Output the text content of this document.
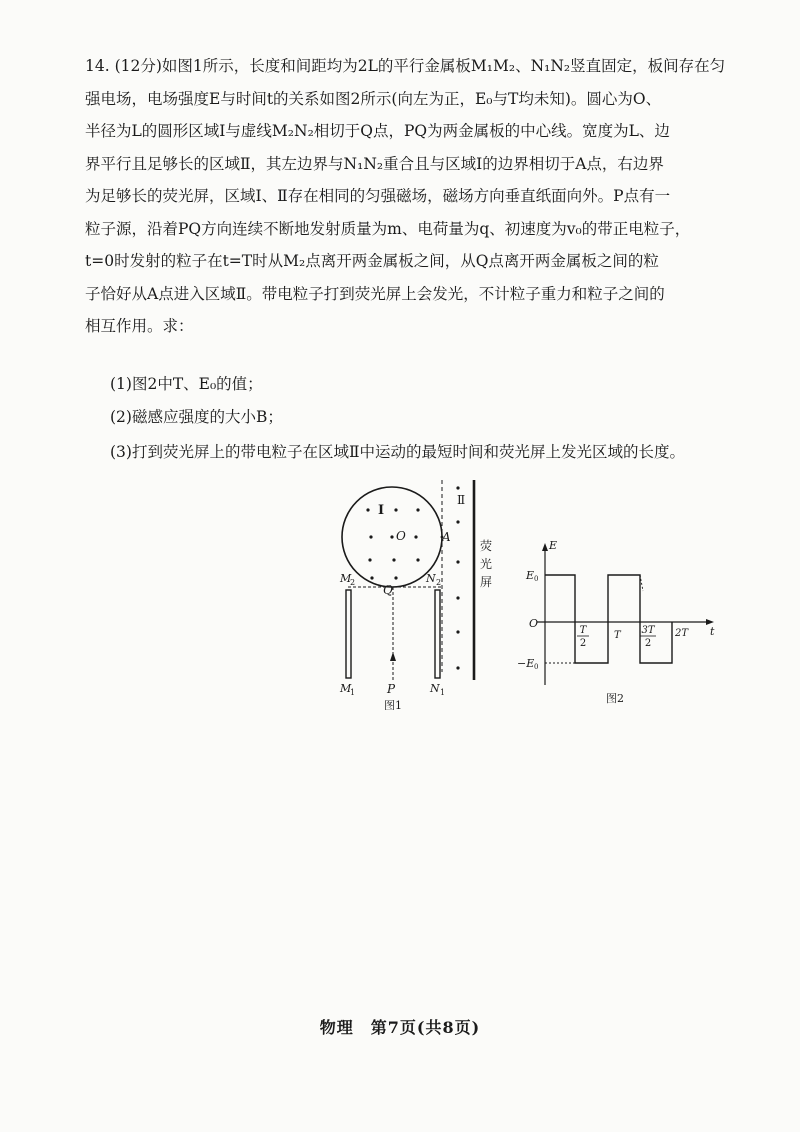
14. (12分)如图1所示，长度和间距均为2L的平行金属板M₁M₂、N₁N₂竖直固定，板间存在匀
强电场，电场强度E与时间t的关系如图2所示(向左为正，E₀与T均未知)。圆心为O、
半径为L的圆形区域Ⅰ与虚线M₂N₂相切于Q点，PQ为两金属板的中心线。宽度为L、边
界平行且足够长的区域Ⅱ，其左边界与N₁N₂重合且与区域Ⅰ的边界相切于A点，右边界
为足够长的荧光屏，区域Ⅰ、Ⅱ存在相同的匀强磁场，磁场方向垂直纸面向外。P点有一
粒子源，沿着PQ方向连续不断地发射质量为m、电荷量为q、初速度为v₀的带正电粒子，
t=0时发射的粒子在t=T时从M₂点离开两金属板之间，从Q点离开两金属板之间的粒
子恰好从A点进入区域Ⅱ。带电粒子打到荧光屏上会发光，不计粒子重力和粒子之间的
相互作用。求：
(1)图2中T、E₀的值；
(2)磁感应强度的大小B；
(3)打到荧光屏上的带电粒子在区域Ⅱ中运动的最短时间和荧光屏上发光区域的长度。
I
Ⅱ
O	A
Q
P
M
2	N 2
M
1	N 1
荧
光
屏
图1
E
t
O
E 0
−E 0
T
2
T 3T
2
2T
图2
物理　第7页(共8页)
